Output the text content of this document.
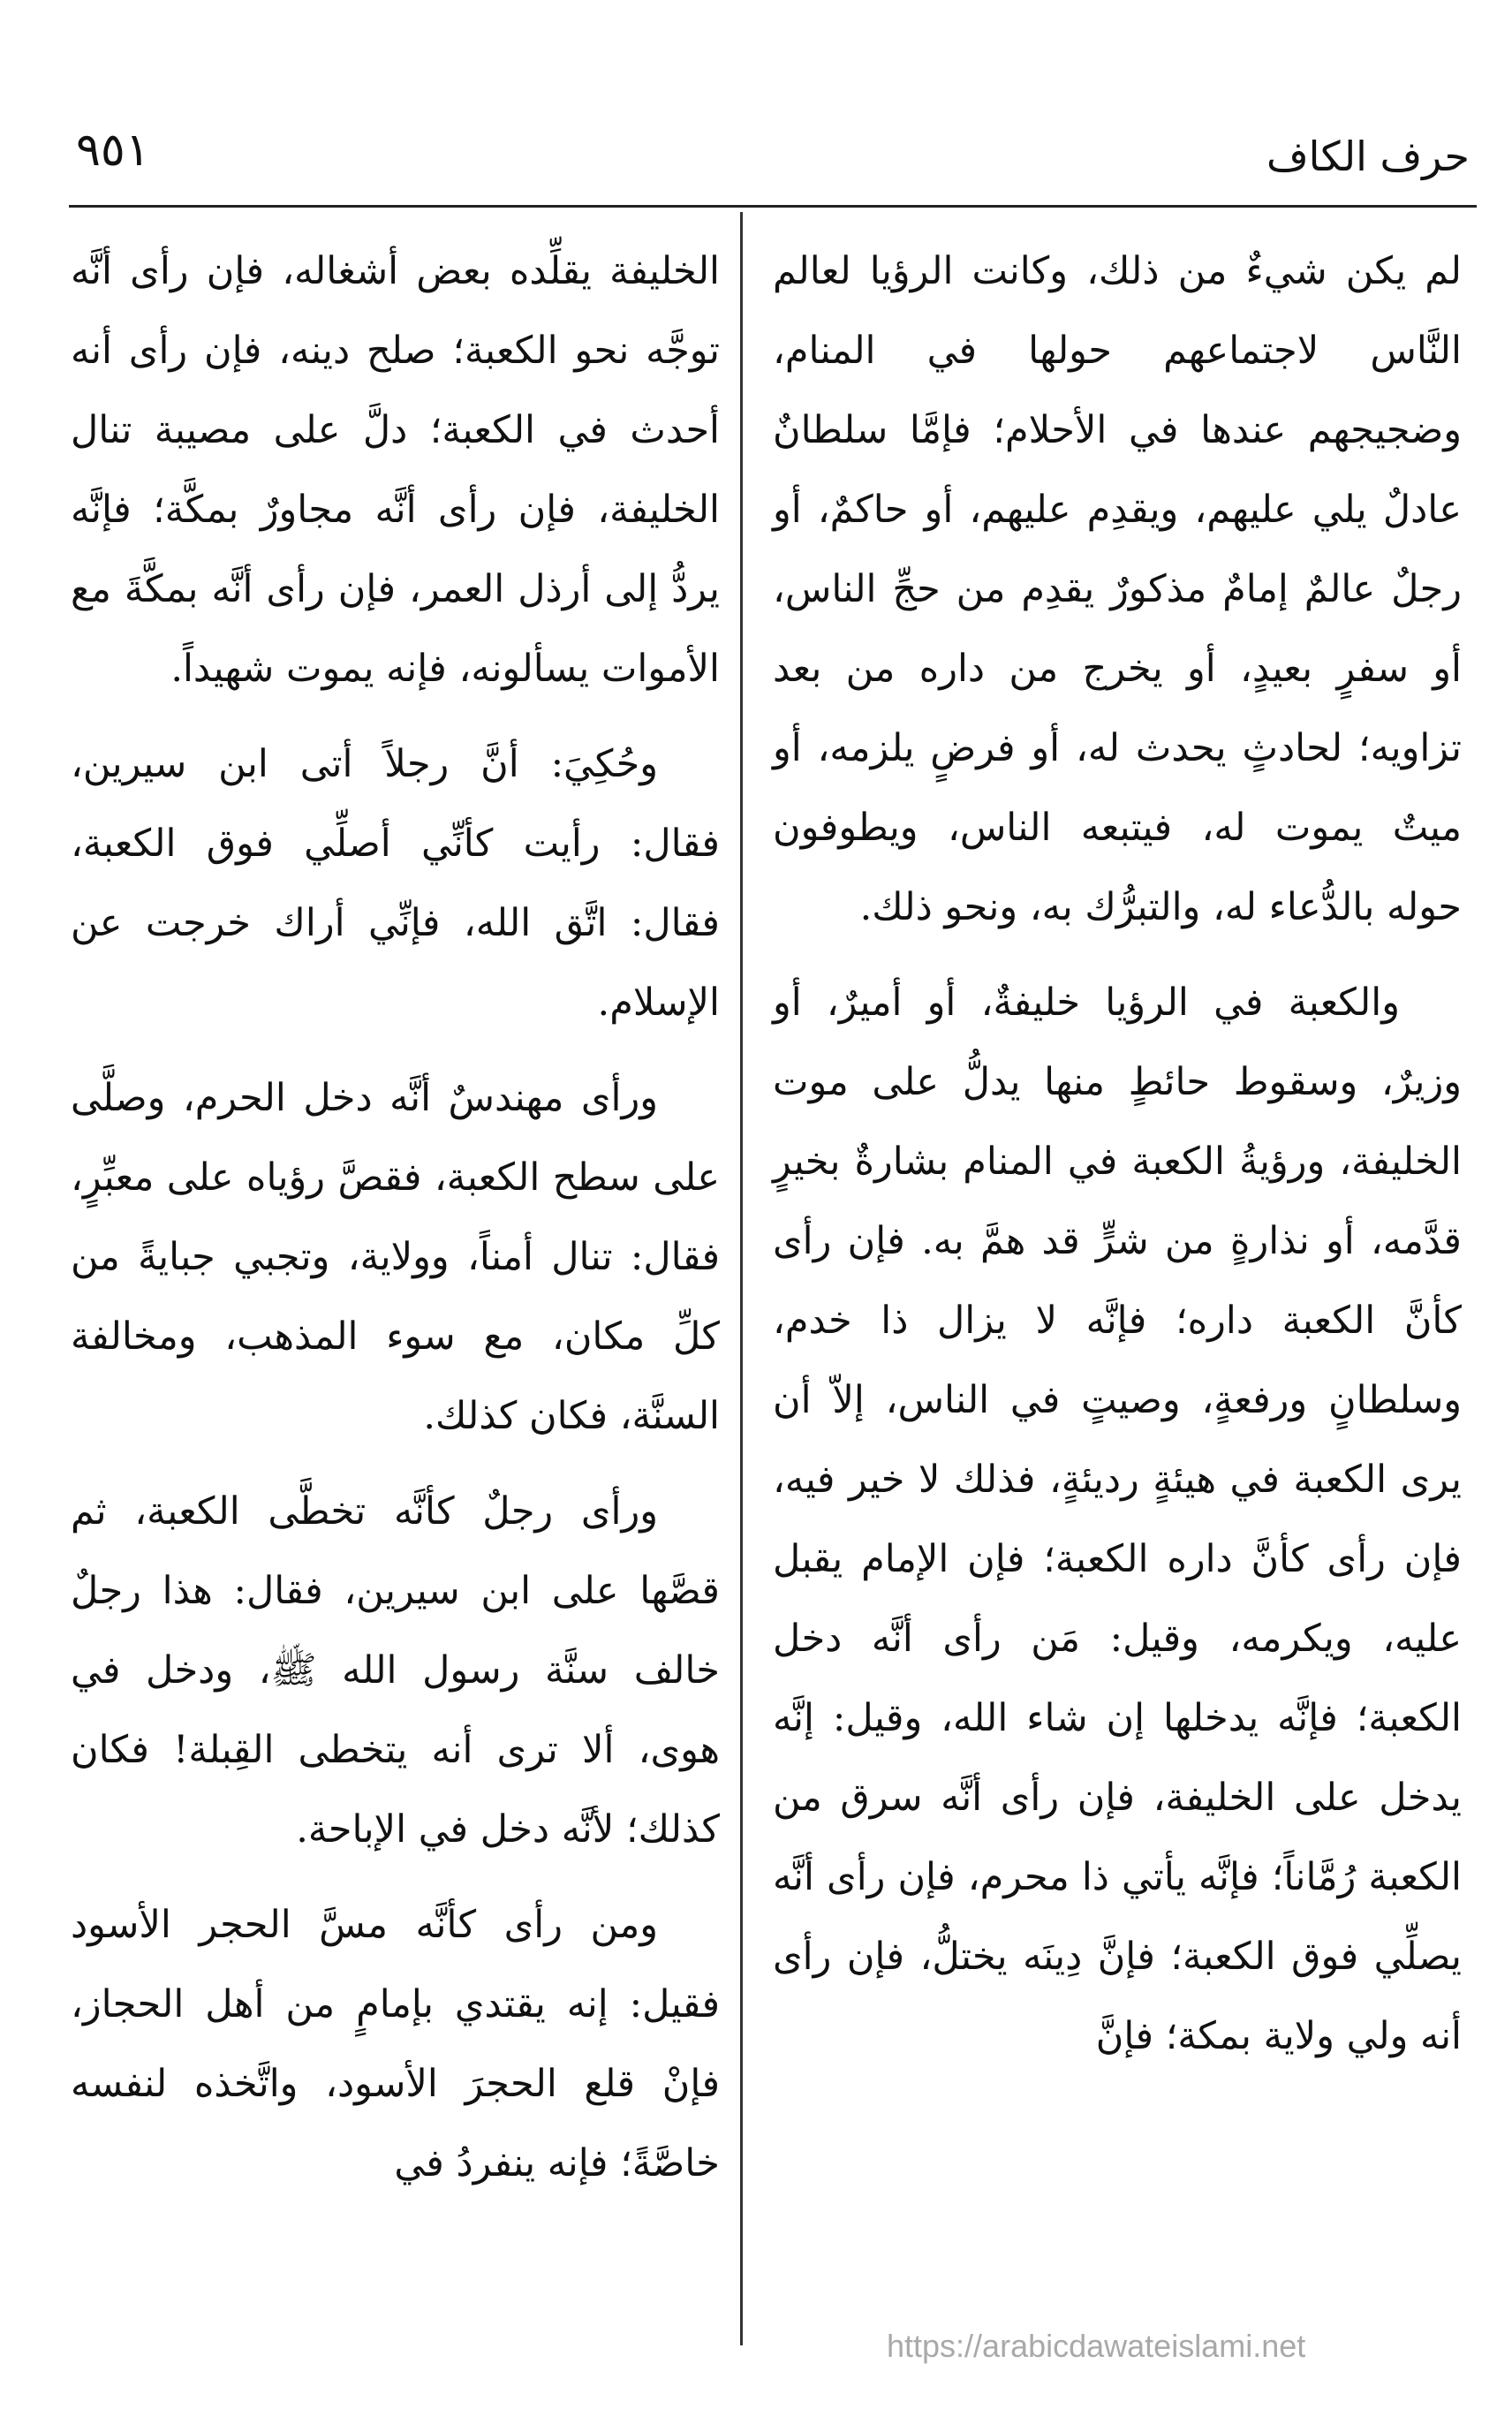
حرف الكاف
٩٥١

لم يكن شيءٌ من ذلك، وكانت الرؤيا لعالم النَّاس لاجتماعهم حولها في المنام، وضجيجهم عندها في الأحلام؛ فإمَّا سلطانٌ عادلٌ يلي عليهم، ويقدِم عليهم، أو حاكمٌ، أو رجلٌ عالمٌ إمامٌ مذكورٌ يقدِم من حجِّ الناس، أو سفرٍ بعيدٍ، أو يخرج من داره من بعد تزاويه؛ لحادثٍ يحدث له، أو فرضٍ يلزمه، أو ميتٌ يموت له، فيتبعه الناس، ويطوفون حوله بالدُّعاء له، والتبرُّك به، ونحو ذلك.

والكعبة في الرؤيا خليفةٌ، أو أميرٌ، أو وزيرٌ، وسقوط حائطٍ منها يدلُّ على موت الخليفة، ورؤيةُ الكعبة في المنام بشارةٌ بخيرٍ قدَّمه، أو نذارةٍ من شرٍّ قد همَّ به. فإن رأى كأنَّ الكعبة داره؛ فإنَّه لا يزال ذا خدم، وسلطانٍ ورفعةٍ، وصيتٍ في الناس، إلاّ أن يرى الكعبة في هيئةٍ رديئةٍ، فذلك لا خير فيه، فإن رأى كأنَّ داره الكعبة؛ فإن الإمام يقبل عليه، ويكرمه، وقيل: مَن رأى أنَّه دخل الكعبة؛ فإنَّه يدخلها إن شاء الله، وقيل: إنَّه يدخل على الخليفة، فإن رأى أنَّه سرق من الكعبة رُمَّاناً؛ فإنَّه يأتي ذا محرم، فإن رأى أنَّه يصلِّي فوق الكعبة؛ فإنَّ دِينَه يختلُّ، فإن رأى أنه ولي ولاية بمكة؛ فإنَّ

الخليفة يقلِّده بعض أشغاله، فإن رأى أنَّه توجَّه نحو الكعبة؛ صلح دينه، فإن رأى أنه أحدث في الكعبة؛ دلَّ على مصيبة تنال الخليفة، فإن رأى أنَّه مجاورٌ بمكَّة؛ فإنَّه يردُّ إلى أرذل العمر، فإن رأى أنَّه بمكَّةَ مع الأموات يسألونه، فإنه يموت شهيداً.

وحُكِيَ: أنَّ رجلاً أتى ابن سيرين، فقال: رأيت كأنِّي أصلِّي فوق الكعبة، فقال: اتَّق الله، فإنِّي أراك خرجت عن الإسلام.

ورأى مهندسٌ أنَّه دخل الحرم، وصلَّى على سطح الكعبة، فقصَّ رؤياه على معبِّرٍ، فقال: تنال أمناً، وولاية، وتجبي جبايةً من كلِّ مكان، مع سوء المذهب، ومخالفة السنَّة، فكان كذلك.

ورأى رجلٌ كأنَّه تخطَّى الكعبة، ثم قصَّها على ابن سيرين، فقال: هذا رجلٌ خالف سنَّة رسول الله ﷺ، ودخل في هوى، ألا ترى أنه يتخطى القِبلة! فكان كذلك؛ لأنَّه دخل في الإباحة.

ومن رأى كأنَّه مسَّ الحجر الأسود فقيل: إنه يقتدي بإمامٍ من أهل الحجاز، فإنْ قلع الحجرَ الأسود، واتَّخذه لنفسه خاصَّةً؛ فإنه ينفردُ في

https://arabicdawateislami.net
